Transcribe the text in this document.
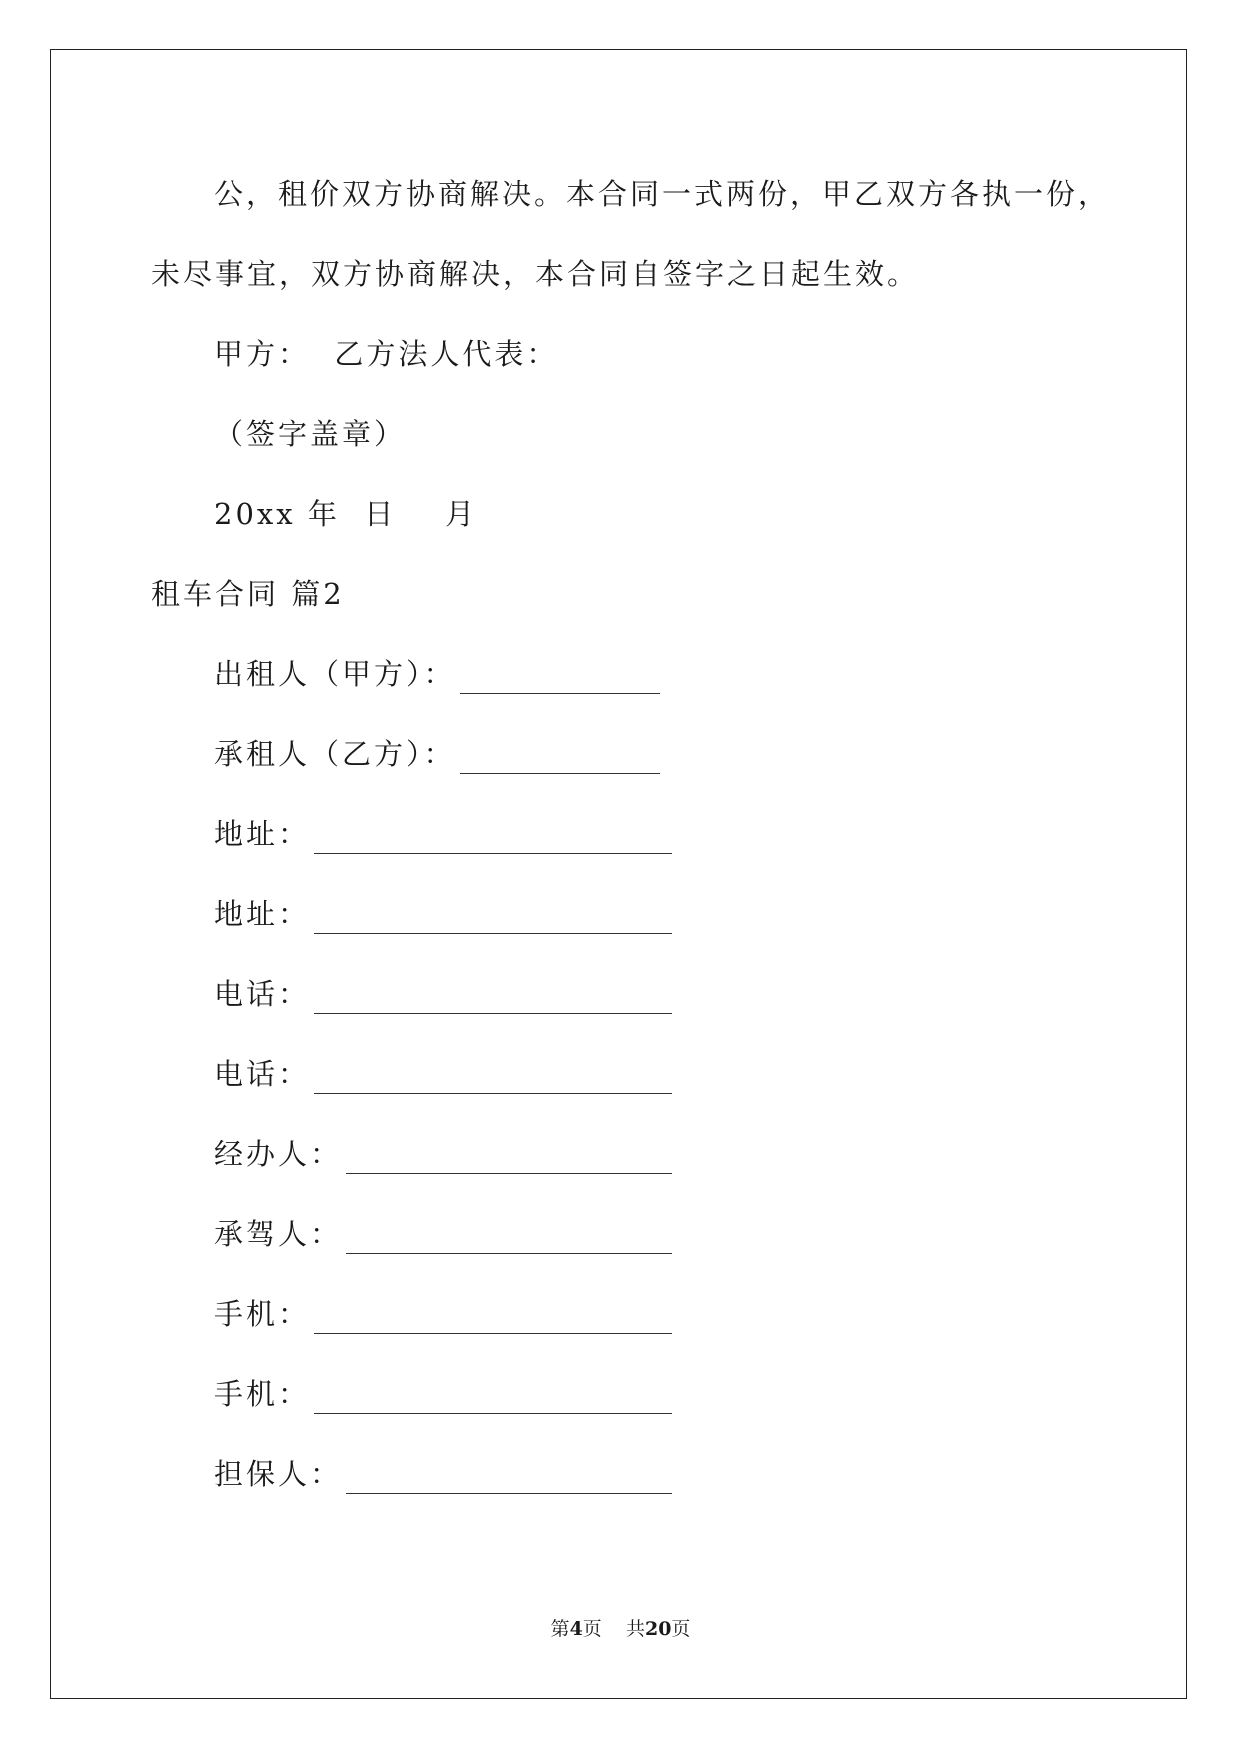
公，租价双方协商解决。本合同一式两份，甲乙双方各执一份，
未尽事宜，双方协商解决，本合同自签字之日起生效。
甲方：  乙方法人代表：
（签字盖章）
20xx 年  日    月
租车合同 篇2
出租人（甲方）：
承租人（乙方）：
地址：
地址：
电话：
电话：
经办人：
承驾人：
手机：
手机：
担保人：
第4页    共20页
